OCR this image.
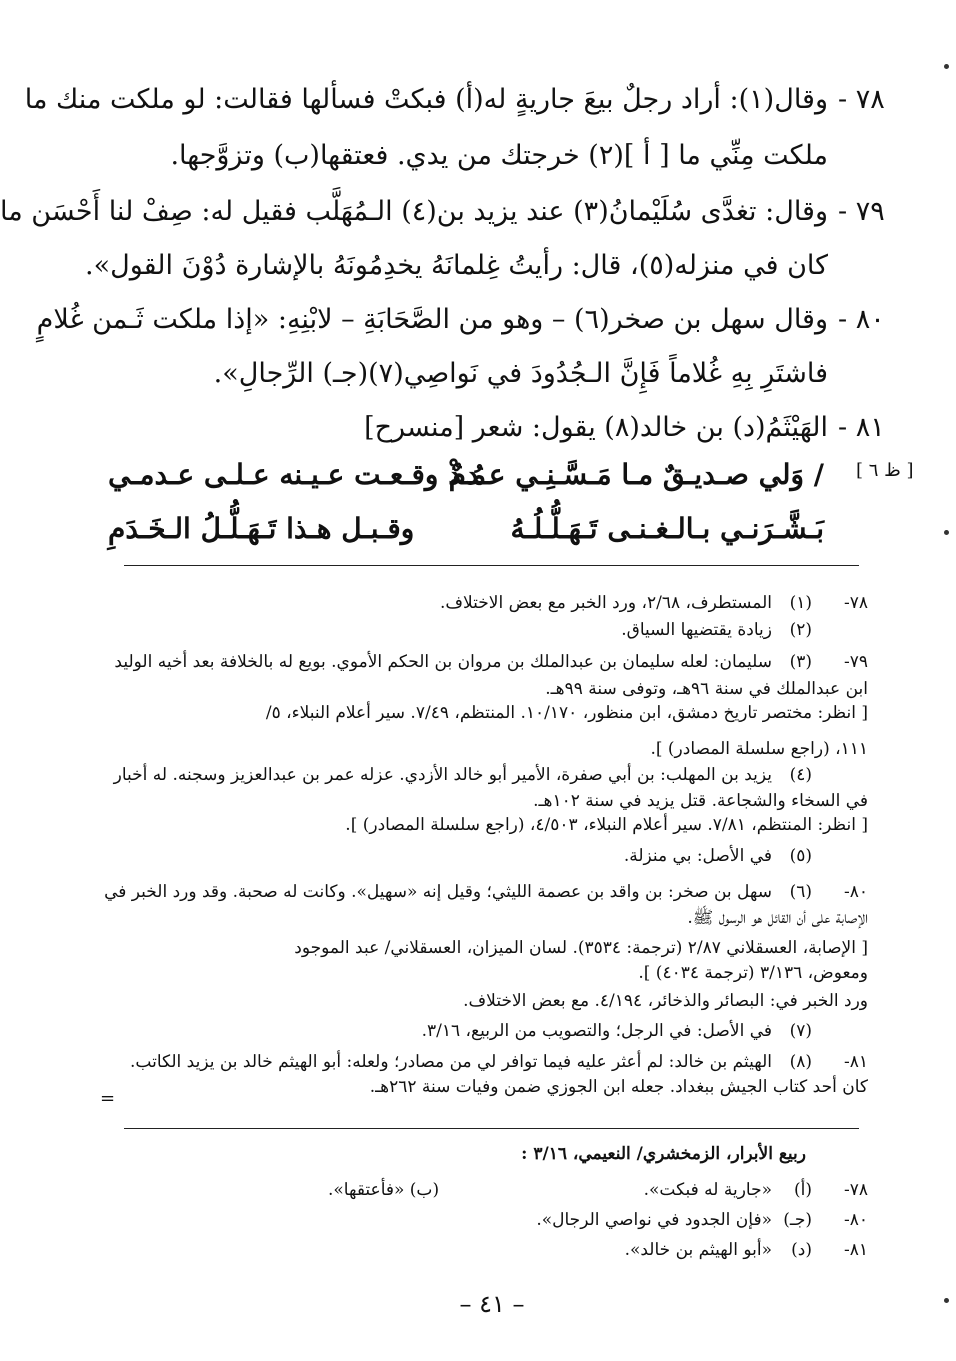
٧٨ -وقال(١): أراد رجلٌ بيعَ جاريةٍ له(أ) فبكتْ فسألها فقالت: لو ملكت منك ما
ملكت مِنِّي ما [ أ ](٢) خرجتك من يدي. فعتقها(ب) وتزوَّجها.
٧٩ -وقال: تغدَّى سُلَيْمانُ(٣) عند يزيد بن(٤) الـمُهَلَّب فقيل له: صِفْ لنا أَحْسَن ما
كان في منزله(٥)، قال: رأيتُ غِلمانَهُ يخدِمُونَهُ بالإشارة دُوْنَ القول».
٨٠ -وقال سهل بن صخر(٦) – وهو من الصَّحَابَةِ – لابْنِهِ: «إذا ملكت ثَـمن غُلامٍ
فاشتَرِ بِهِ غُلاماً فَإِنَّ الـجُدُودَ في نَواصِي(٧)(جـ) الرِّجالِ».
٨١ -الهَيْثَمُ(د) بن خالد(٨) يقول: شعر [منسرح]
/ وَلي صـديـقٌ مـا مَـسَّـنِـي عـدمٌ
مُـذْ وقـعـت عـيـنه عـلـى عـدمـي
بَـشَّـرَنـي بـالـغـنـى تَـهَـلُّـلُـهُ
وقـبـل هـذا تَـهَـلُّـلُ الـخَـدَمِ
[ ظ ٦ ]
٧٨-(١)المستطرف، ٢/٦٨، ورد الخبر مع بعض الاختلاف.
(٢)زيادة يقتضيها السياق.
٧٩-(٣)سليمان: لعله سليمان بن عبدالملك بن مروان بن الحكم الأموي. بويع له بالخلافة بعد أخيه الوليد
ابن عبدالملك في سنة ٩٦هـ، وتوفى سنة ٩٩هـ.
[ انظر: مختصر تاريخ دمشق، ابن منظور، ١٠/١٧٠. المنتظم، ٧/٤٩. سير أعلام النبلاء، ٥/
١١١، (راجع سلسلة المصادر) ].
(٤)يزيد بن المهلب: بن أبي صفرة، الأمير أبو خالد الأزدي. عزله عمر بن عبدالعزيز وسجنه. له أخبار
في السخاء والشجاعة. قتل يزيد في سنة ١٠٢هـ.
[ انظر: المنتظم، ٧/٨١. سير أعلام النبلاء، ٤/٥٠٣، (راجع سلسلة المصادر) ].
(٥)في الأصل: بي منزلة.
٨٠-(٦)سهل بن صخر: بن واقد بن عصمة الليثي؛ وقيل إنه «سهيل». وكانت له صحبة. وقد ورد الخبر في
الإصابة على أن القائل هو الرسول ﷺ.
[ الإصابة، العسقلاني ٢/٨٧ (ترجمة: ٣٥٣٤). لسان الميزان، العسقلاني/ عبد الموجود
ومعوض، ٣/١٣٦ (ترجمة ٤٠٣٤) ].
ورد الخبر في: البصائر والذخائر، ٤/١٩٤. مع بعض الاختلاف.
(٧)في الأصل: في الرجل؛ والتصويب من الربيع، ٣/١٦.
٨١-(٨)الهيثم بن خالد: لم أعثر عليه فيما توافر لي من مصادر؛ ولعله: أبو الهيثم خالد بن يزيد الكاتب.
كان أحد كتاب الجيش ببغداد. جعله ابن الجوزي ضمن وفيات سنة ٢٦٢هـ.
=
ربيع الأبرار، الزمخشري/ النعيمي، ٣/١٦ :
٧٨-(أ)«جارية له فبكت».
٨٠-(جـ)«فإن الجدود في نواصي الرجال».
٨١-(د)«أبو الهيثم بن خالد».
(ب) «فأعتقها».
– ٤١ –
